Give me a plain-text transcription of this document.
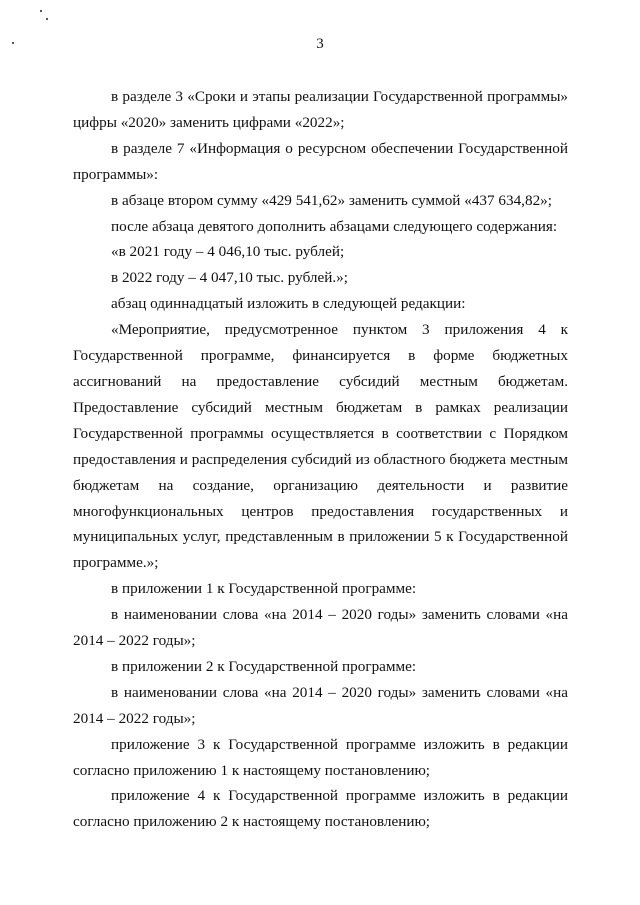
3

в разделе 3 «Сроки и этапы реализации Государственной программы» цифры «2020» заменить цифрами «2022»;

в разделе 7 «Информация о ресурсном обеспечении Государственной программы»:

в абзаце втором сумму «429 541,62» заменить суммой «437 634,82»;

после абзаца девятого дополнить абзацами следующего содержания:

«в 2021 году – 4 046,10 тыс. рублей;

в 2022 году – 4 047,10 тыс. рублей.»;

абзац одиннадцатый изложить в следующей редакции:

«Мероприятие, предусмотренное пунктом 3 приложения 4 к Государственной программе, финансируется в форме бюджетных ассигнований на предоставление субсидий местным бюджетам. Предоставление субсидий местным бюджетам в рамках реализации Государственной программы осуществляется в соответствии с Порядком предоставления и распределения субсидий из областного бюджета местным бюджетам на создание, организацию деятельности и развитие многофункциональных центров предоставления государственных и муниципальных услуг, представленным в приложении 5 к Государственной программе.»;

в приложении 1 к Государственной программе:

в наименовании слова «на 2014 – 2020 годы» заменить словами «на 2014 – 2022 годы»;

в приложении 2 к Государственной программе:

в наименовании слова «на 2014 – 2020 годы» заменить словами «на 2014 – 2022 годы»;

приложение 3 к Государственной программе изложить в редакции согласно приложению 1 к настоящему постановлению;

приложение 4 к Государственной программе изложить в редакции согласно приложению 2 к настоящему постановлению;
